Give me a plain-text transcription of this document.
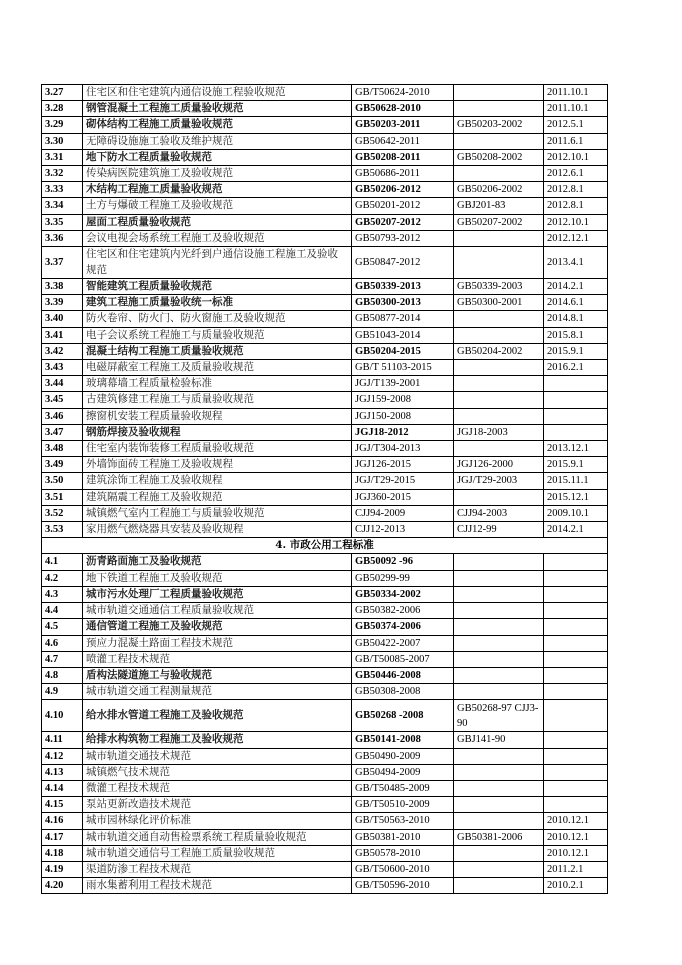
3.27	住宅区和住宅建筑内通信设施工程验收规范	GB/T50624-2010		2011.10.1
3.28	钢管混凝土工程施工质量验收规范	GB50628-2010		2011.10.1
3.29	砌体结构工程施工质量验收规范	GB50203-2011	GB50203-2002	2012.5.1
3.30	无障碍设施施工验收及维护规范	GB50642-2011		2011.6.1
3.31	地下防水工程质量验收规范	GB50208-2011	GB50208-2002	2012.10.1
3.32	传染病医院建筑施工及验收规范	GB50686-2011		2012.6.1
3.33	木结构工程施工质量验收规范	GB50206-2012	GB50206-2002	2012.8.1
3.34	土方与爆破工程施工及验收规范	GB50201-2012	GBJ201-83	2012.8.1
3.35	屋面工程质量验收规范	GB50207-2012	GB50207-2002	2012.10.1
3.36	会议电视会场系统工程施工及验收规范	GB50793-2012		2012.12.1
3.37	住宅区和住宅建筑内光纤到户通信设施工程施工及验收规范	GB50847-2012		2013.4.1
3.38	智能建筑工程质量验收规范	GB50339-2013	GB50339-2003	2014.2.1
3.39	建筑工程施工质量验收统一标准	GB50300-2013	GB50300-2001	2014.6.1
3.40	防火卷帘、防火门、防火窗施工及验收规范	GB50877-2014		2014.8.1
3.41	电子会议系统工程施工与质量验收规范	GB51043-2014		2015.8.1
3.42	混凝土结构工程施工质量验收规范	GB50204-2015	GB50204-2002	2015.9.1
3.43	电磁屏蔽室工程施工及质量验收规范	GB/T 51103-2015		2016.2.1
3.44	玻璃幕墙工程质量检验标准	JGJ/T139-2001		
3.45	古建筑修建工程施工与质量验收规范	JGJ159-2008		
3.46	擦窗机安装工程质量验收规程	JGJ150-2008		
3.47	钢筋焊接及验收规程	JGJ18-2012	JGJ18-2003	
3.48	住宅室内装饰装修工程质量验收规范	JGJ/T304-2013		2013.12.1
3.49	外墙饰面砖工程施工及验收规程	JGJ126-2015	JGJ126-2000	2015.9.1
3.50	建筑涂饰工程施工及验收规程	JGJ/T29-2015	JGJ/T29-2003	2015.11.1
3.51	建筑隔震工程施工及验收规范	JGJ360-2015		2015.12.1
3.52	城镇燃气室内工程施工与质量验收规范	CJJ94-2009	CJJ94-2003	2009.10.1
3.53	家用燃气燃烧器具安装及验收规程	CJJ12-2013	CJJ12-99	2014.2.1
4. 市政公用工程标准				
4.1	沥青路面施工及验收规范	GB50092 -96		
4.2	地下铁道工程施工及验收规范	GB50299-99		
4.3	城市污水处理厂工程质量验收规范	GB50334-2002		
4.4	城市轨道交通通信工程质量验收规范	GB50382-2006		
4.5	通信管道工程施工及验收规范	GB50374-2006		
4.6	预应力混凝土路面工程技术规范	GB50422-2007		
4.7	喷灌工程技术规范	GB/T50085-2007		
4.8	盾构法隧道施工与验收规范	GB50446-2008		
4.9	城市轨道交通工程测量规范	GB50308-2008		
4.10	给水排水管道工程施工及验收规范	GB50268 -2008	GB50268-97 CJJ3-90	
4.11	给排水构筑物工程施工及验收规范	GB50141-2008	GBJ141-90	
4.12	城市轨道交通技术规范	GB50490-2009		
4.13	城镇燃气技术规范	GB50494-2009		
4.14	微灌工程技术规范	GB/T50485-2009		
4.15	泵站更新改造技术规范	GB/T50510-2009		
4.16	城市园林绿化评价标准	GB/T50563-2010		2010.12.1
4.17	城市轨道交通自动售检票系统工程质量验收规范	GB50381-2010	GB50381-2006	2010.12.1
4.18	城市轨道交通信号工程施工质量验收规范	GB50578-2010		2010.12.1
4.19	渠道防渗工程技术规范	GB/T50600-2010		2011.2.1
4.20	雨水集蓄利用工程技术规范	GB/T50596-2010		2010.2.1
